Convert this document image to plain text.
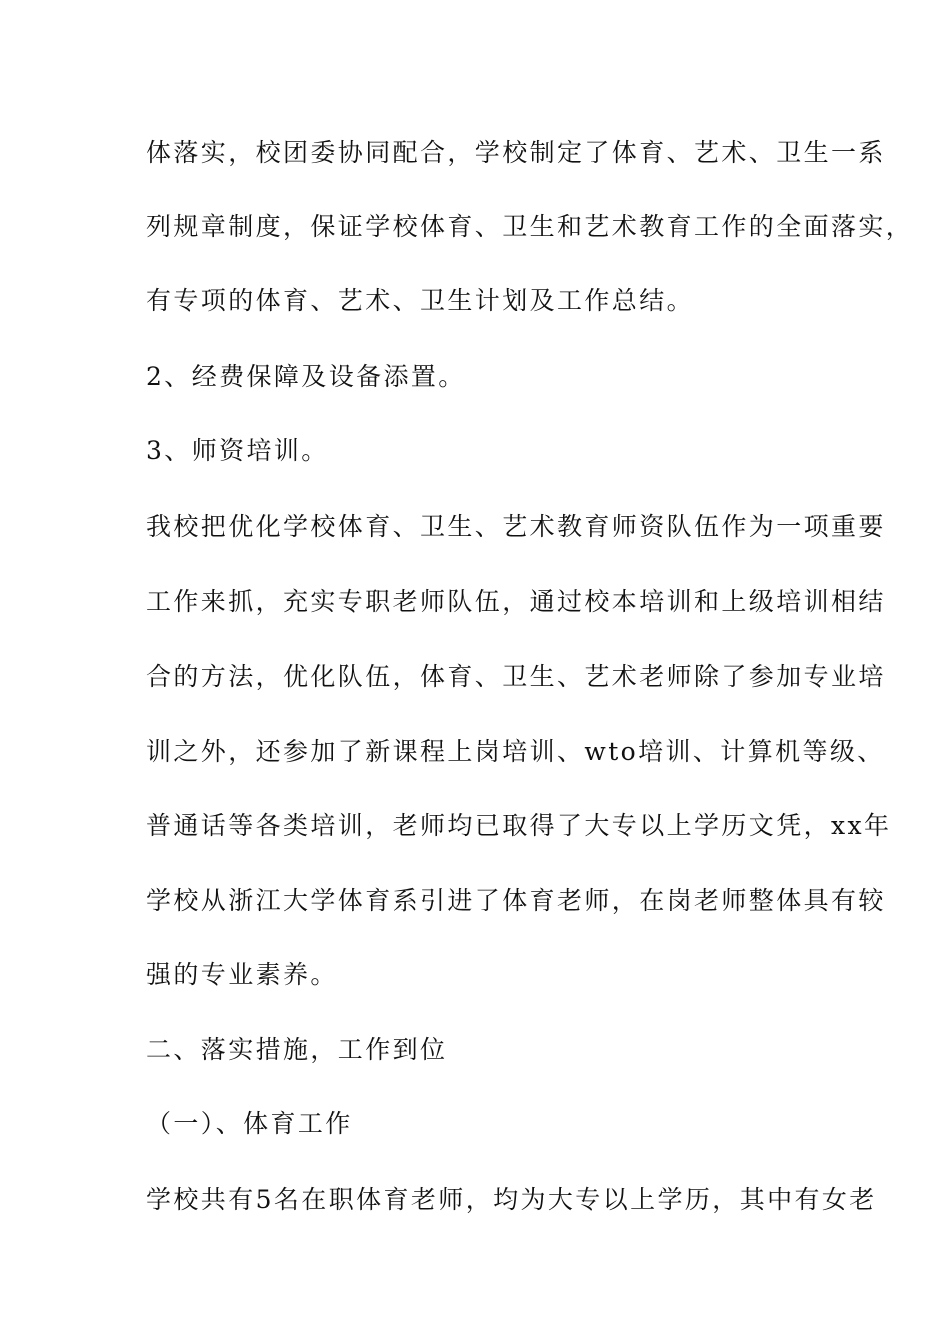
体落实，校团委协同配合，学校制定了体育、艺术、卫生一系
列规章制度，保证学校体育、卫生和艺术教育工作的全面落实，
有专项的体育、艺术、卫生计划及工作总结。
2、经费保障及设备添置。
3、师资培训。
我校把优化学校体育、卫生、艺术教育师资队伍作为一项重要
工作来抓，充实专职老师队伍，通过校本培训和上级培训相结
合的方法，优化队伍，体育、卫生、艺术老师除了参加专业培
训之外，还参加了新课程上岗培训、wto培训、计算机等级、
普通话等各类培训，老师均已取得了大专以上学历文凭，xx年
学校从浙江大学体育系引进了体育老师，在岗老师整体具有较
强的专业素养。
二、落实措施，工作到位
（一）、体育工作
学校共有5名在职体育老师，均为大专以上学历，其中有女老
